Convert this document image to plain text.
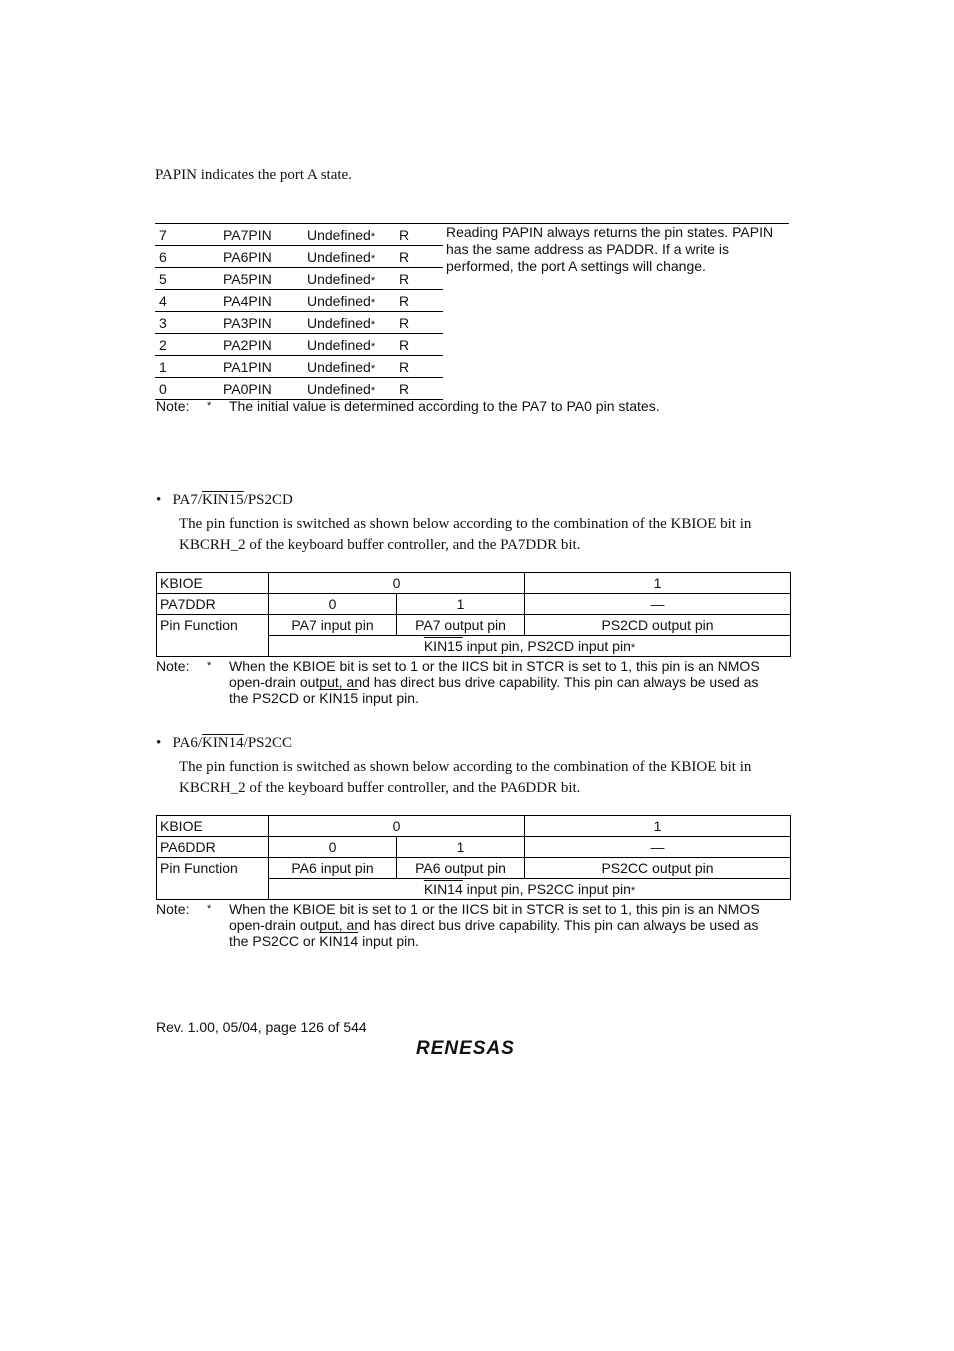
PAPIN indicates the port A state.
7	PA7PIN	Undefined*	R	Reading PAPIN always returns the pin states. PAPIN has the same address as PADDR. If a write is performed, the port A settings will change.
6	PA6PIN	Undefined*	R	
5	PA5PIN	Undefined*	R	
4	PA4PIN	Undefined*	R	
3	PA3PIN	Undefined*	R	
2	PA2PIN	Undefined*	R	
1	PA1PIN	Undefined*	R	
0	PA0PIN	Undefined*	R	
Note: * The initial value is determined according to the PA7 to PA0 pin states.
• PA7/KIN15/PS2CD
The pin function is switched as shown below according to the combination of the KBIOE bit in KBCRH_2 of the keyboard buffer controller, and the PA7DDR bit.
KBIOE	0		1
PA7DDR	0	1	—
Pin Function	PA7 input pin	PA7 output pin	PS2CD output pin
	KIN15 input pin, PS2CD input pin*		
Note: * When the KBIOE bit is set to 1 or the IICS bit in STCR is set to 1, this pin is an NMOS
open-drain output, and has direct bus drive capability. This pin can always be used as
the PS2CD or KIN15 input pin.
• PA6/KIN14/PS2CC
The pin function is switched as shown below according to the combination of the KBIOE bit in KBCRH_2 of the keyboard buffer controller, and the PA6DDR bit.
KBIOE	0		1
PA6DDR	0	1	—
Pin Function	PA6 input pin	PA6 output pin	PS2CC output pin
	KIN14 input pin, PS2CC input pin*		
Note: * When the KBIOE bit is set to 1 or the IICS bit in STCR is set to 1, this pin is an NMOS
open-drain output, and has direct bus drive capability. This pin can always be used as
the PS2CC or KIN14 input pin.
Rev. 1.00, 05/04, page 126 of 544
RENESAS
